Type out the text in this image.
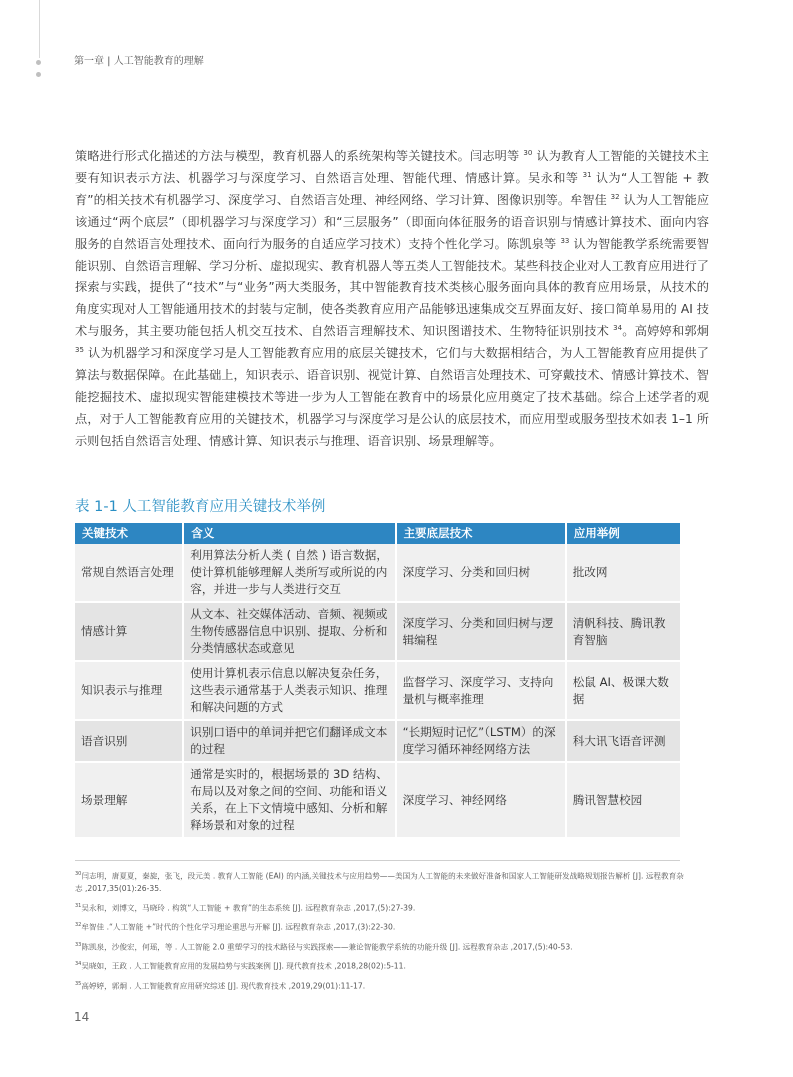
第一章 | 人工智能教育的理解

策略进行形式化描述的方法与模型，教育机器人的系统架构等关键技术。闫志明等 $^{30}$ 认为教育人工智能的关键技术主要有知识表示方法、机器学习与深度学习、自然语言处理、智能代理、情感计算。吴永和等 $^{31}$ 认为“人工智能 + 教育”的相关技术有机器学习、深度学习、自然语言处理、神经网络、学习计算、图像识别等。牟智佳 $^{32}$ 认为人工智能应该通过“两个底层”（即机器学习与深度学习）和“三层服务”（即面向体征服务的语音识别与情感计算技术、面向内容服务的自然语言处理技术、面向行为服务的自适应学习技术）支持个性化学习。陈凯泉等 $^{33}$ 认为智能教学系统需要智能识别、自然语言理解、学习分析、虚拟现实、教育机器人等五类人工智能技术。某些科技企业对人工教育应用进行了探索与实践，提供了“技术”与“业务”两大类服务，其中智能教育技术类核心服务面向具体的教育应用场景，从技术的角度实现对人工智能通用技术的封装与定制，使各类教育应用产品能够迅速集成交互界面友好、接口简单易用的 AI 技术与服务，其主要功能包括人机交互技术、自然语言理解技术、知识图谱技术、生物特征识别技术 $^{34}$。高婷婷和郭炯 $^{35}$ 认为机器学习和深度学习是人工智能教育应用的底层关键技术，它们与大数据相结合，为人工智能教育应用提供了算法与数据保障。在此基础上，知识表示、语音识别、视觉计算、自然语言处理技术、可穿戴技术、情感计算技术、智能挖掘技术、虚拟现实智能建模技术等进一步为人工智能在教育中的场景化应用奠定了技术基础。综合上述学者的观点，对于人工智能教育应用的关键技术，机器学习与深度学习是公认的底层技术，而应用型或服务型技术如表 1–1 所示则包括自然语言处理、情感计算、知识表示与推理、语音识别、场景理解等。

表 1-1 人工智能教育应用关键技术举例
关键技术	含义	主要底层技术	应用举例
常规自然语言处理	利用算法分析人类 ( 自然 ) 语言数据，使计算机能够理解人类所写或所说的内容，并进一步与人类进行交互	深度学习、分类和回归树	批改网
情感计算	从文本、社交媒体活动、音频、视频或生物传感器信息中识别、提取、分析和分类情感状态或意见	深度学习、分类和回归树与逻辑编程	清帆科技、腾讯教育智脑
知识表示与推理	使用计算机表示信息以解决复杂任务，这些表示通常基于人类表示知识、推理和解决问题的方式	监督学习、深度学习、支持向量机与概率推理	松鼠 AI、极课大数据
语音识别	识别口语中的单词并把它们翻译成文本的过程	“长期短时记忆”（LSTM）的深度学习循环神经网络方法	科大讯飞语音评测
场景理解	通常是实时的，根据场景的 3D 结构、布局以及对象之间的空间、功能和语义关系，在上下文情境中感知、分析和解释场景和对象的过程	深度学习、神经网络	腾讯智慧校园
$^{30}$闫志明，唐夏夏，秦旋，张飞，段元美 . 教育人工智能 (EAI) 的内涵,关键技术与应用趋势——美国为人工智能的未来做好准备和国家人工智能研发战略规划报告解析 [J]. 远程教育杂志 ,2017,35(01):26-35.
$^{31}$吴永和，刘博文，马晓玲 . 构筑“人工智能 + 教育”的生态系统 [J]. 远程教育杂志 ,2017,(5):27-39.
$^{32}$牟智佳 .“人工智能 +”时代的个性化学习理论重思与开解 [J]. 远程教育杂志 ,2017,(3):22-30.
$^{33}$陈凯泉，沙俊宏，何瑶，等 . 人工智能 2.0 重塑学习的技术路径与实践探索——兼论智能教学系统的功能升级 [J]. 远程教育杂志 ,2017,(5):40-53.
$^{34}$吴晓如，王政 . 人工智能教育应用的发展趋势与实践案例 [J]. 现代教育技术 ,2018,28(02):5-11.
$^{35}$高婷婷，郭炯 . 人工智能教育应用研究综述 [J]. 现代教育技术 ,2019,29(01):11-17.
14
